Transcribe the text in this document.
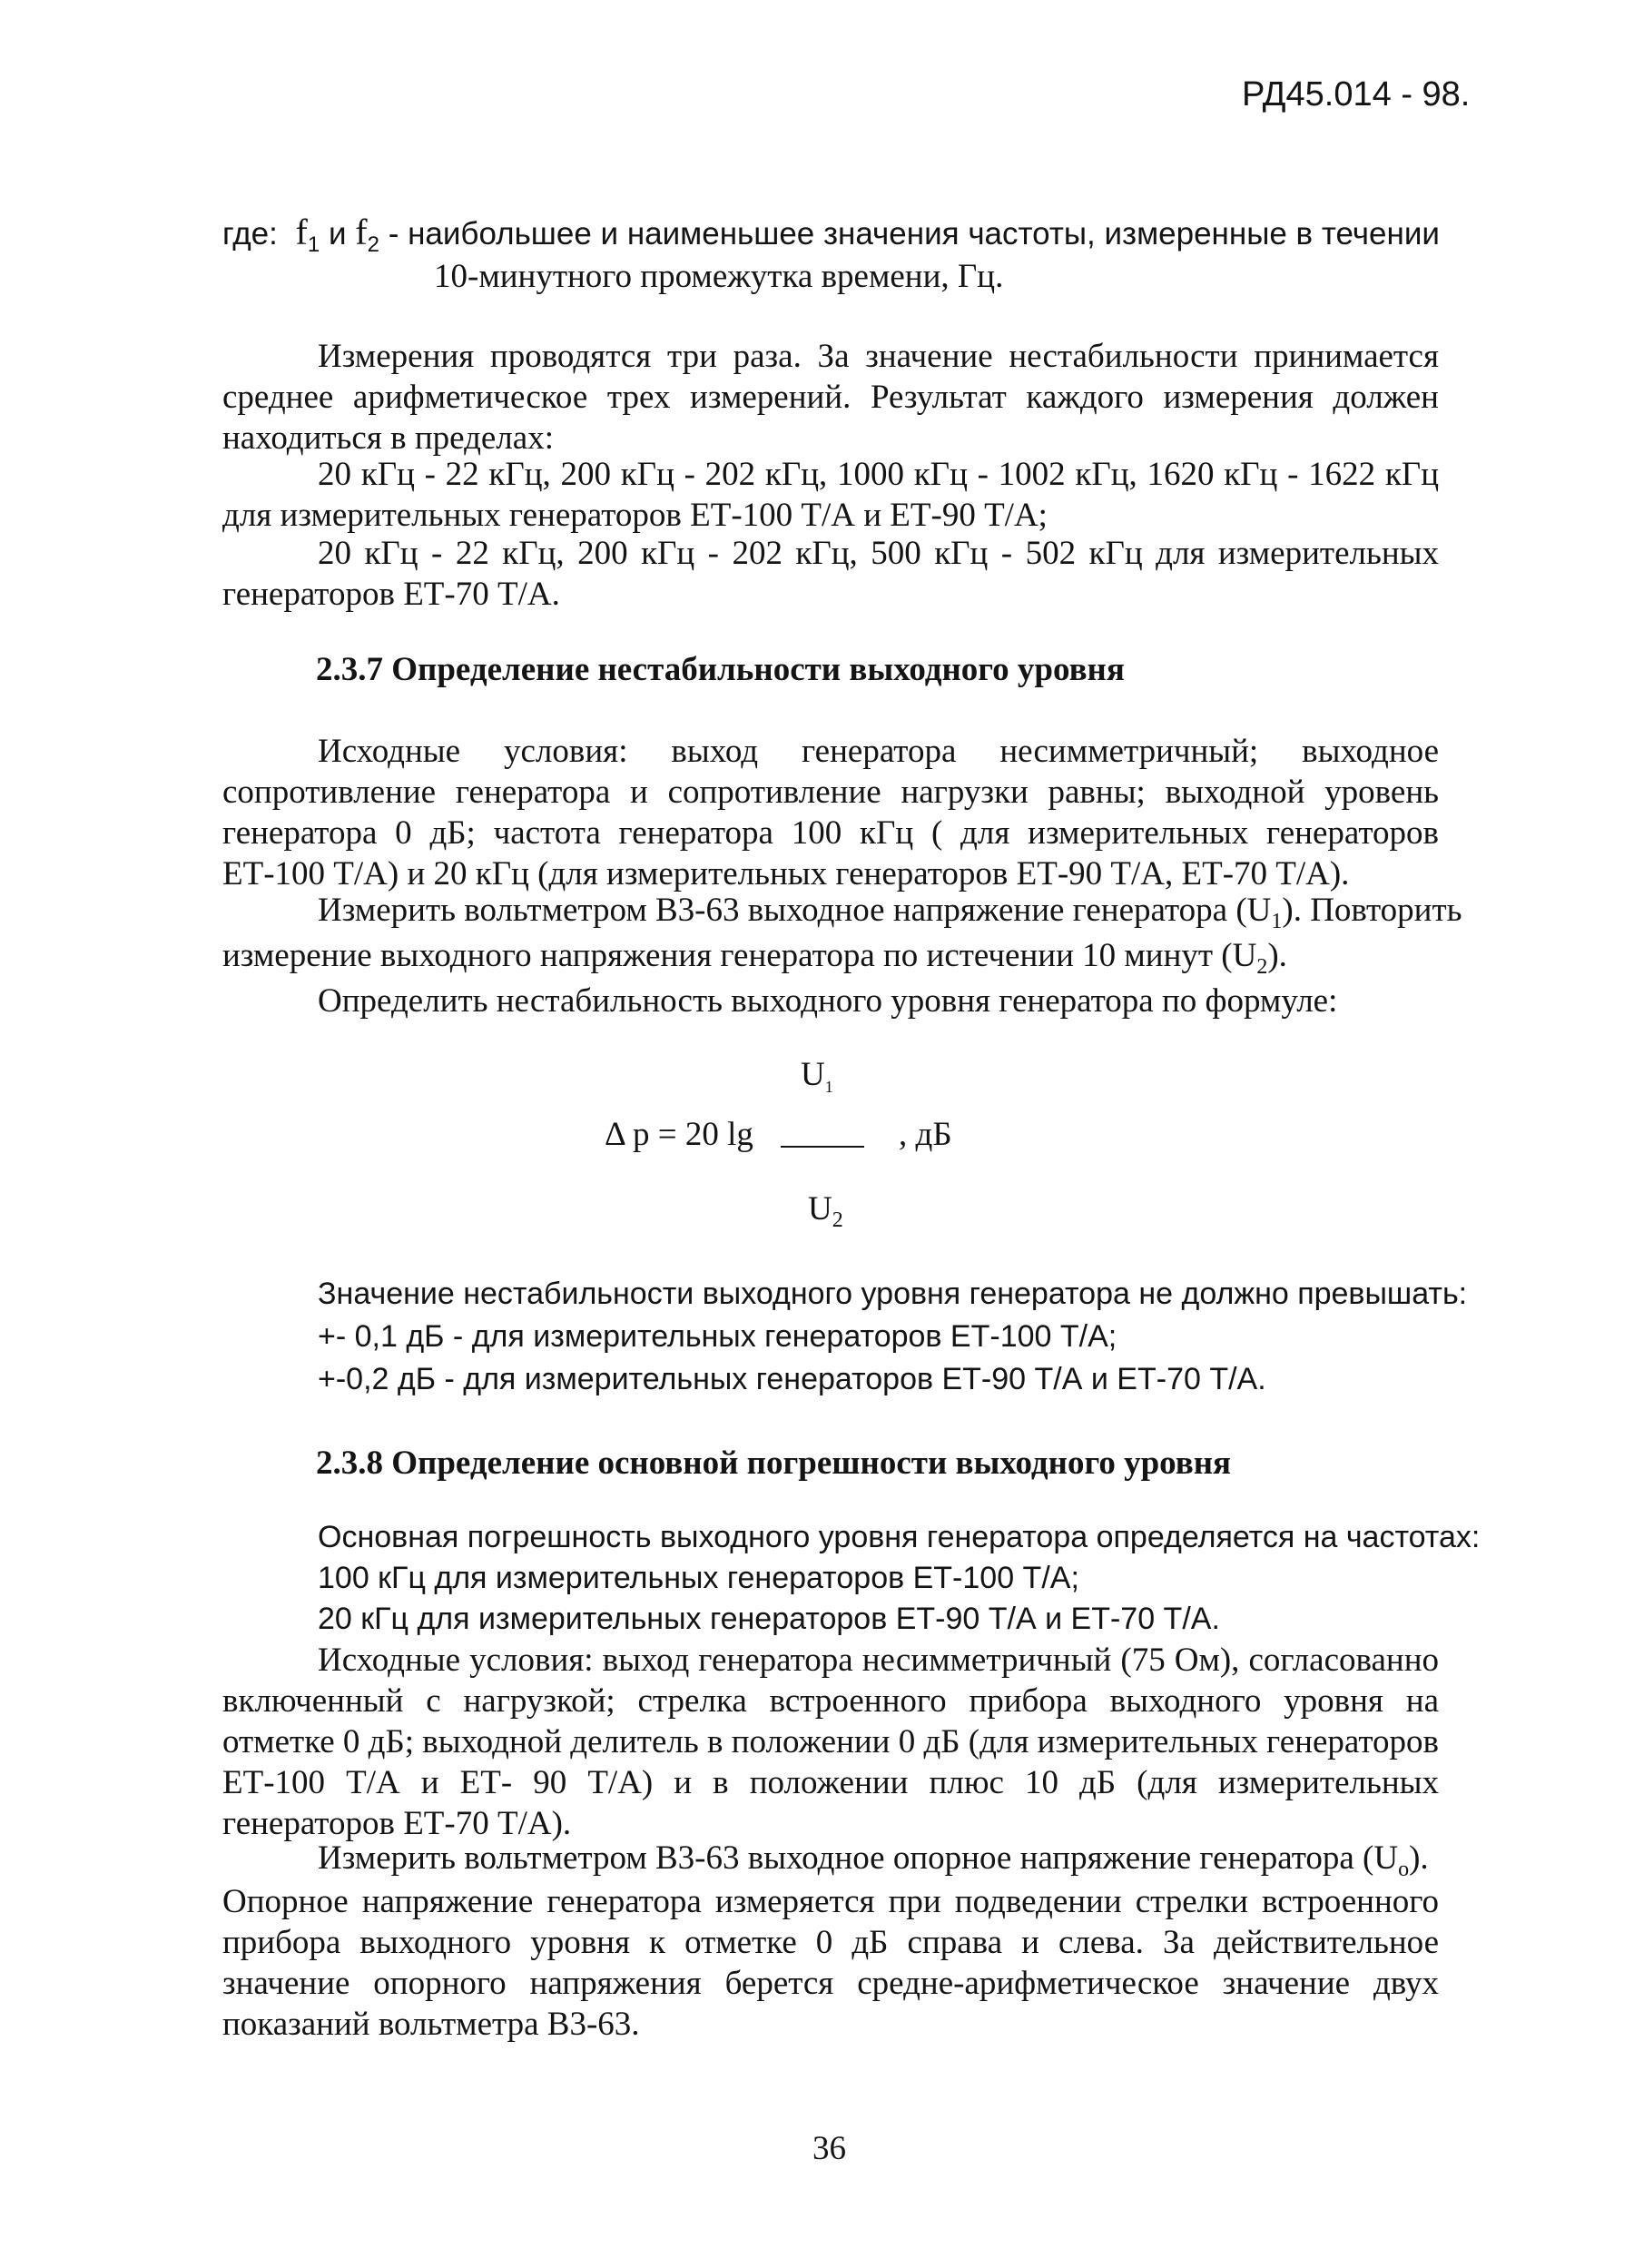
РД45.014 - 98.
где: $f_1$ и $f_2$ - наибольшее и наименьшее значения частоты, измеренные в течении
10-минутного промежутка времени, Гц.
Измерения проводятся три раза. За значение нестабильности принимается среднее арифметическое трех измерений. Результат каждого измерения должен находиться в пределах:
20 кГц - 22 кГц, 200 кГц - 202 кГц, 1000 кГц - 1002 кГц, 1620 кГц - 1622 кГц для измерительных генераторов ЕТ-100 Т/А и ЕТ-90 Т/А;
20 кГц - 22 кГц, 200 кГц - 202 кГц, 500 кГц - 502 кГц для измерительных генераторов ЕТ-70 Т/А.
2.3.7 Определение нестабильности выходного уровня
Исходные условия: выход генератора несимметричный; выходное сопротивление генератора и сопротивление нагрузки равны; выходной уровень генератора 0 дБ; частота генератора 100 кГц ( для измерительных генераторов ЕТ-100 Т/А) и 20 кГц (для измерительных генераторов ЕТ-90 Т/А, ЕТ-70 Т/А).
Измерить вольтметром В3-63 выходное напряжение генератора $(U_1)$. Повторить
измерение выходного напряжения генератора по истечении 10 минут $(U_2)$.
Определить нестабильность выходного уровня генератора по формуле:
$U_1$
Δ p = 20 lg	, дБ
$U_2$
Значение нестабильности выходного уровня генератора не должно превышать:
+- 0,1 дБ - для измерительных генераторов ЕТ-100 Т/А;
+-0,2 дБ - для измерительных генераторов ЕТ-90 Т/А и ЕТ-70 Т/А.
2.3.8 Определение основной погрешности выходного уровня
Основная погрешность выходного уровня генератора определяется на частотах:
100 кГц для измерительных генераторов ЕТ-100 Т/А;
20 кГц для измерительных генераторов ЕТ-90 Т/А и ЕТ-70 Т/А.
Исходные условия: выход генератора несимметричный (75 Ом), согласованно включенный с нагрузкой; стрелка встроенного прибора выходного уровня на отметке 0 дБ; выходной делитель в положении 0 дБ (для измерительных генераторов ЕТ-100 Т/А и ЕТ- 90 Т/А) и в положении плюс 10 дБ (для измерительных генераторов ЕТ-70 Т/А).
Измерить вольтметром В3-63 выходное опорное напряжение генератора $(U_o)$.
Опорное напряжение генератора измеряется при подведении стрелки встроенного прибора выходного уровня к отметке 0 дБ справа и слева. За действительное значение опорного напряжения берется средне-арифметическое значение двух показаний вольтметра В3-63.
36
